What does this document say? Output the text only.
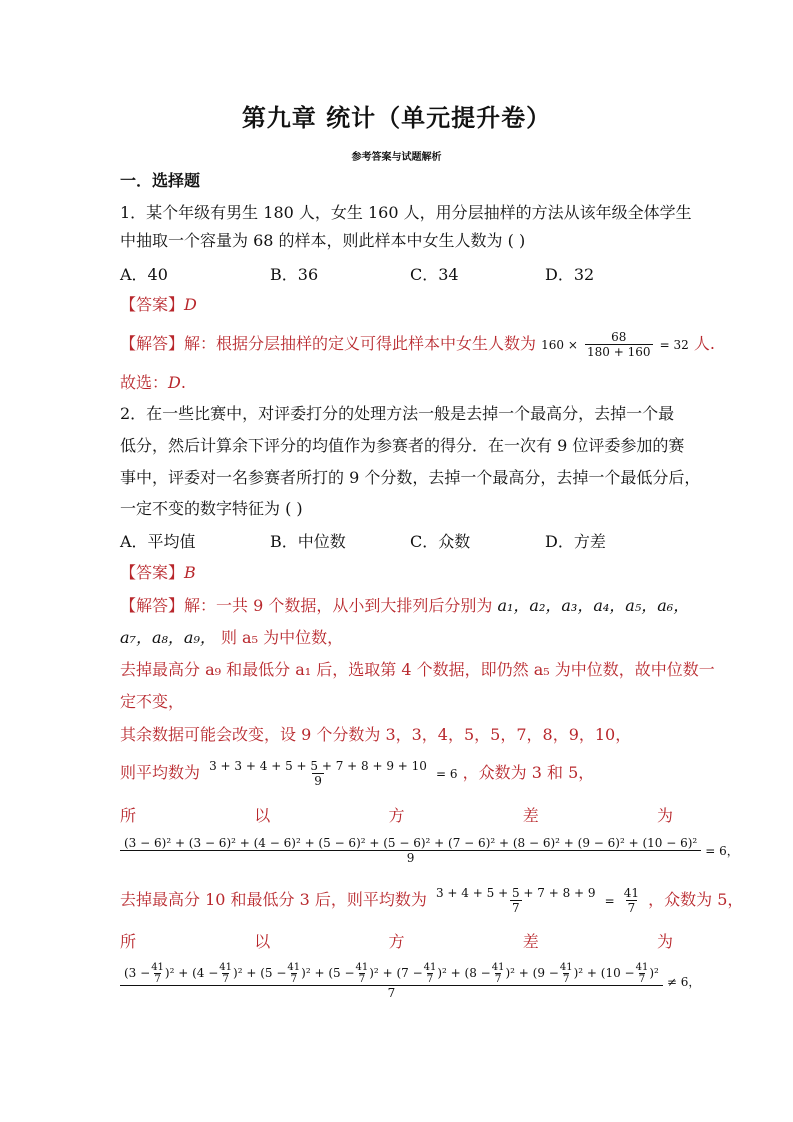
第九章 统计（单元提升卷）
参考答案与试题解析
一．选择题
1．某个年级有男生 180 人，女生 160 人，用分层抽样的方法从该年级全体学生
中抽取一个容量为 68 的样本，则此样本中女生人数为 ( )
A．40	B．36	C．34	D．32
【答案】D
【解答】解：根据分层抽样的定义可得此样本中女生人数为 $160 \times \frac{68}{180 + 160} = 32$ 人.
故选：D.
2．在一些比赛中，对评委打分的处理方法一般是去掉一个最高分，去掉一个最
低分，然后计算余下评分的均值作为参赛者的得分．在一次有 9 位评委参加的赛
事中，评委对一名参赛者所打的 9 个分数，去掉一个最高分，去掉一个最低分后，
一定不变的数字特征为 ( )
A．平均值	B．中位数	C．众数	D．方差
【答案】B
【解答】解：一共 9 个数据，从小到大排列后分别为 a₁，a₂，a₃，a₄，a₅，a₆，
a₇，a₈，a₉， 则 a₅ 为中位数，
去掉最高分 a₉ 和最低分 a₁ 后，选取第 4 个数据，即仍然 a₅ 为中位数，故中位数一
定不变，
其余数据可能会改变，设 9 个分数为 3，3，4，5，5，7，8，9，10，
则平均数为 $\frac{3 + 3 + 4 + 5 + 5 + 7 + 8 + 9 + 10}{9} = 6$ ，众数为 3 和 5，
所	以	方	差	为
(3 − 6)² + (3 − 6)² + (4 − 6)² + (5 − 6)² + (5 − 6)² + (7 − 6)² + (8 − 6)² + (9 − 6)² + (10 − 6)²
9	= 6，
去掉最高分 10 和最低分 3 后，则平均数为 $\frac{3 + 4 + 5 + 5 + 7 + 8 + 9}{7} = \frac{41}{7}$ ，众数为 5，
所	以	方	差	为
$(3 - \frac{41}{7} )^2 + (4 - \frac{41}{7} )^2 + (5 - \frac{41}{7} )^2 + (5 - \frac{41}{7} )^2 + (7 - \frac{41}{7} )^2 + (8 - \frac{41}{7} )^2 + (9 - \frac{41}{7} )^2 + (10 - \frac{41}{7} )^2$
7
≠ 6，
